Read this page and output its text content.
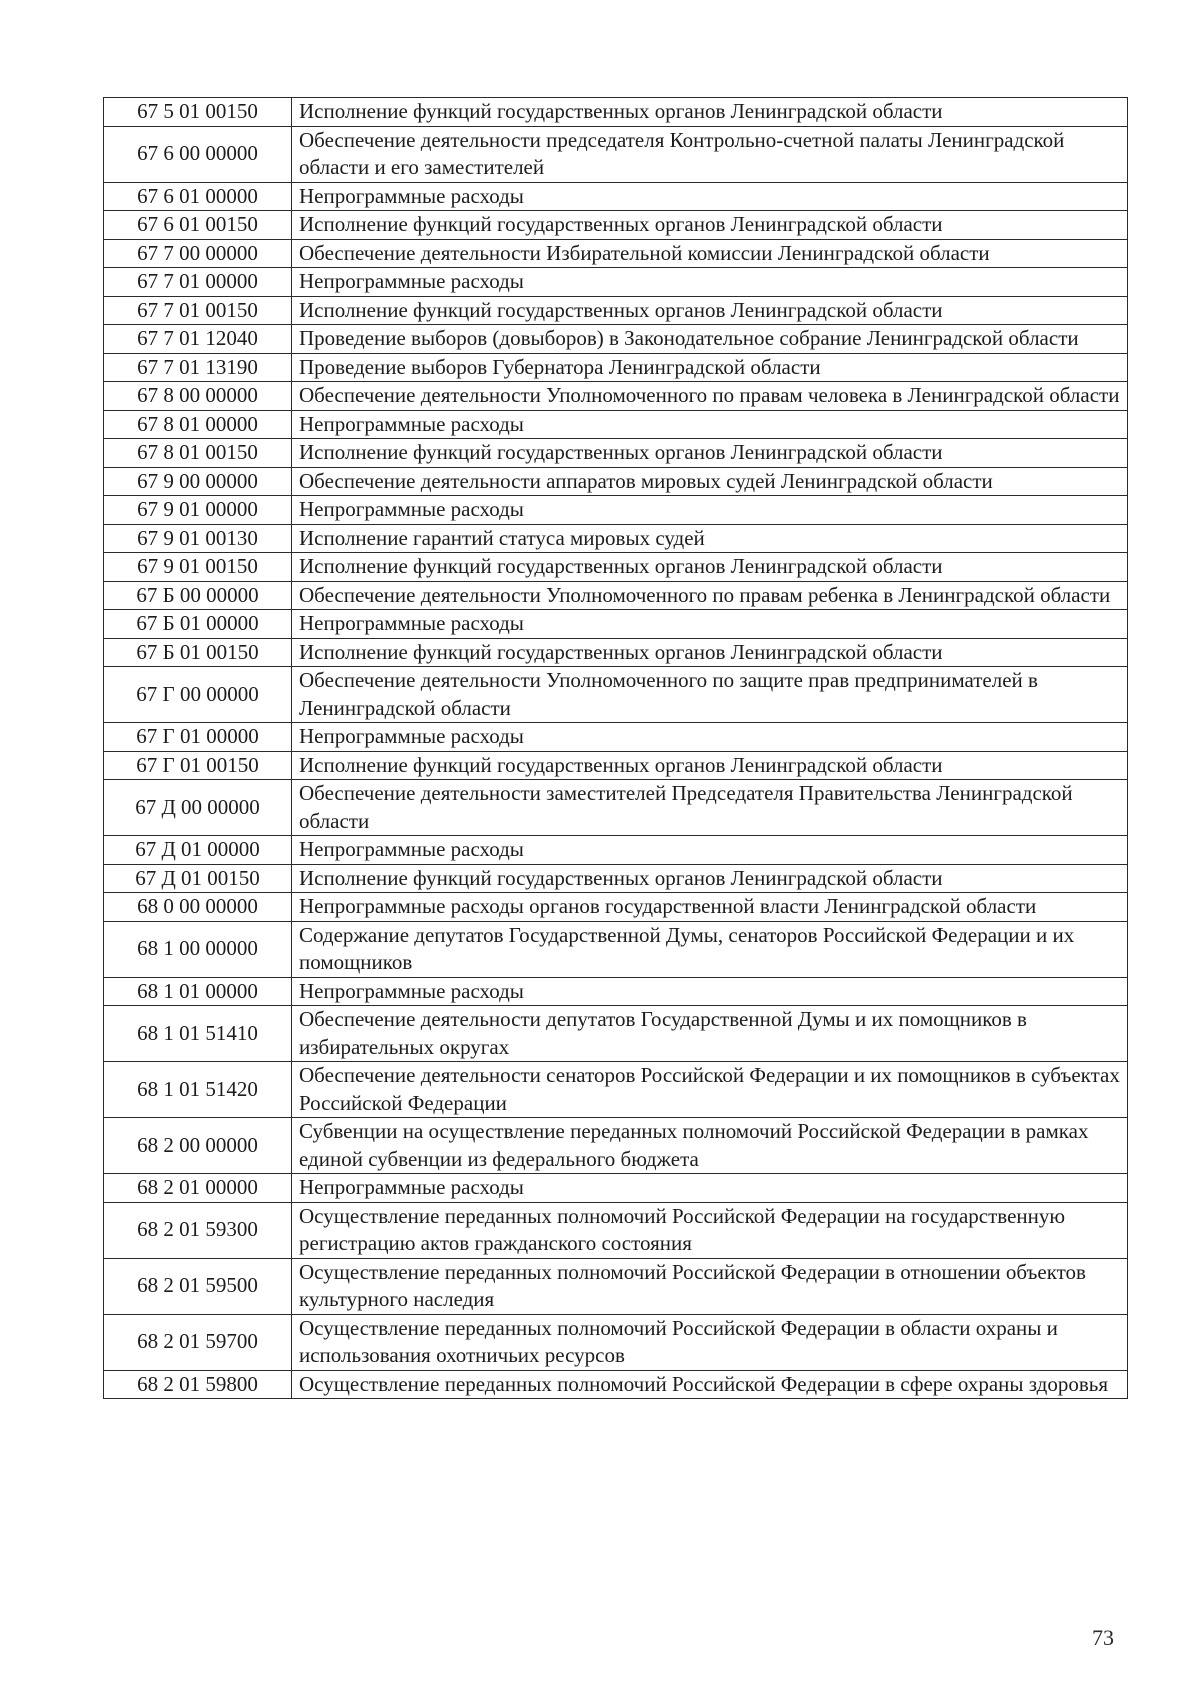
67 5 01 00150	Исполнение функций государственных органов Ленинградской области
67 6 00 00000	Обеспечение деятельности председателя Контрольно-счетной палаты Ленинградской области и его заместителей
67 6 01 00000	Непрограммные расходы
67 6 01 00150	Исполнение функций государственных органов Ленинградской области
67 7 00 00000	Обеспечение деятельности Избирательной комиссии Ленинградской области
67 7 01 00000	Непрограммные расходы
67 7 01 00150	Исполнение функций государственных органов Ленинградской области
67 7 01 12040	Проведение выборов (довыборов) в Законодательное собрание Ленинградской области
67 7 01 13190	Проведение выборов Губернатора Ленинградской области
67 8 00 00000	Обеспечение деятельности Уполномоченного по правам человека в Ленинградской области
67 8 01 00000	Непрограммные расходы
67 8 01 00150	Исполнение функций государственных органов Ленинградской области
67 9 00 00000	Обеспечение деятельности аппаратов мировых судей Ленинградской области
67 9 01 00000	Непрограммные расходы
67 9 01 00130	Исполнение гарантий статуса мировых судей
67 9 01 00150	Исполнение функций государственных органов Ленинградской области
67 Б 00 00000	Обеспечение деятельности Уполномоченного по правам ребенка в Ленинградской области
67 Б 01 00000	Непрограммные расходы
67 Б 01 00150	Исполнение функций государственных органов Ленинградской области
67 Г 00 00000	Обеспечение деятельности Уполномоченного по защите прав предпринимателей в Ленинградской области
67 Г 01 00000	Непрограммные расходы
67 Г 01 00150	Исполнение функций государственных органов Ленинградской области
67 Д 00 00000	Обеспечение деятельности заместителей Председателя Правительства Ленинградской области
67 Д 01 00000	Непрограммные расходы
67 Д 01 00150	Исполнение функций государственных органов Ленинградской области
68 0 00 00000	Непрограммные расходы органов государственной власти Ленинградской области
68 1 00 00000	Содержание депутатов Государственной Думы, сенаторов Российской Федерации и их помощников
68 1 01 00000	Непрограммные расходы
68 1 01 51410	Обеспечение деятельности депутатов Государственной Думы и их помощников в избирательных округах
68 1 01 51420	Обеспечение деятельности сенаторов Российской Федерации и их помощников в субъектах Российской Федерации
68 2 00 00000	Субвенции на осуществление переданных полномочий Российской Федерации в рамках единой субвенции из федерального бюджета
68 2 01 00000	Непрограммные расходы
68 2 01 59300	Осуществление переданных полномочий Российской Федерации на государственную регистрацию актов гражданского состояния
68 2 01 59500	Осуществление переданных полномочий Российской Федерации в отношении объектов культурного наследия
68 2 01 59700	Осуществление переданных полномочий Российской Федерации в области охраны и использования охотничьих ресурсов
68 2 01 59800	Осуществление переданных полномочий Российской Федерации в сфере охраны здоровья
73
